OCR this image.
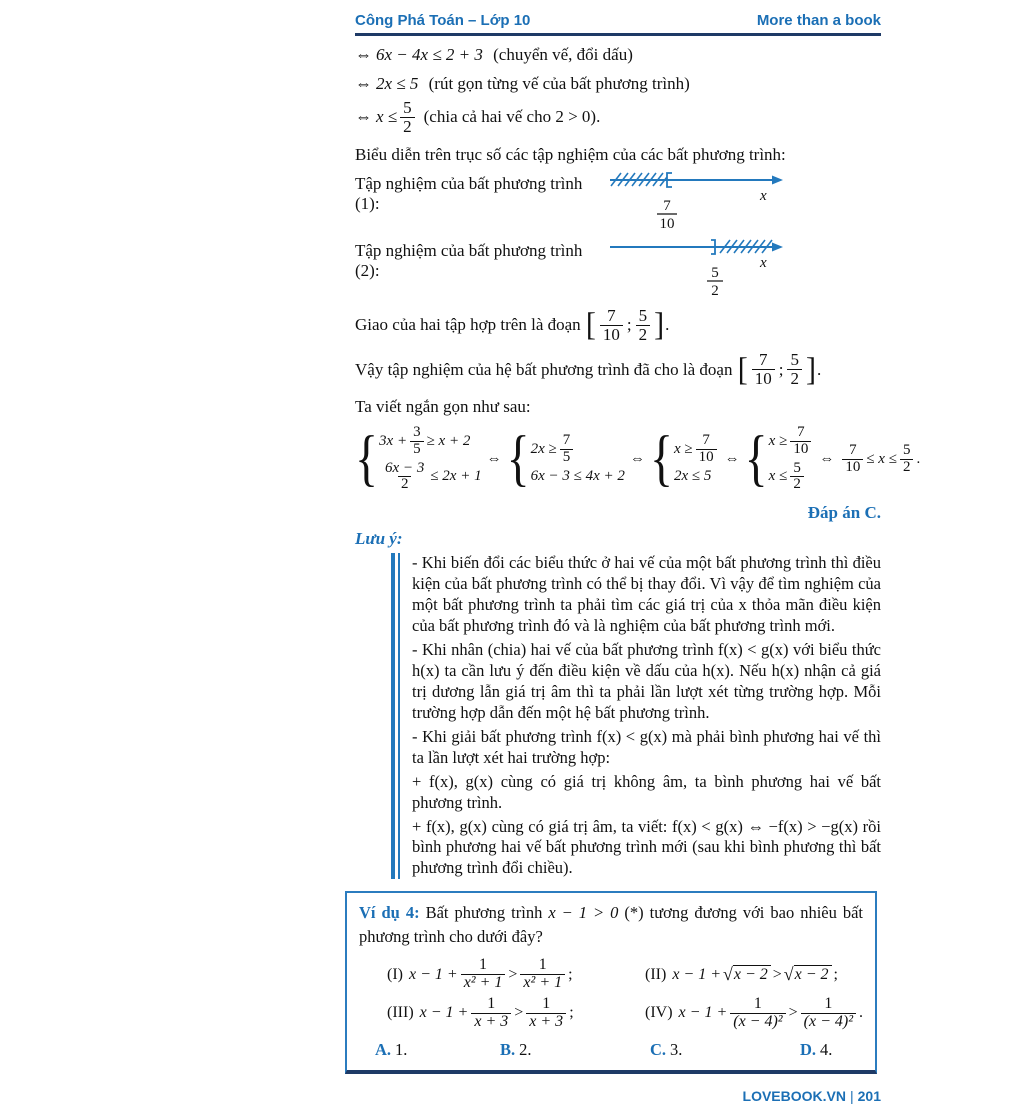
Công Phá Toán – Lớp 10	More than a book
⇔ 6x − 4x ≤ 2 + 3 (chuyển vế, đổi dấu)
⇔ 2x ≤ 5 (rút gọn từng vế của bất phương trình)
⇔ $x \le \frac{5}{2}$ (chia cả hai vế cho 2 > 0).
Biểu diễn trên trục số các tập nghiệm của các bất phương trình:
Tập nghiệm của bất phương trình (1):	x
7
10
Tập nghiệm của bất phương trình (2):	x
5
2
Giao của hai tập hợp trên là đoạn
[ $\frac{7}{10}$ ; $\frac{5}{2}$ ] .
Vậy tập nghiệm của hệ bất phương trình đã cho là đoạn
[ $\frac{7}{10}$ ; $\frac{5}{2}$ ] .
Ta viết ngắn gọn như sau:
{ $3x + \frac{3}{5} \ge x + 2$
$\frac{6x - 3}{2} \le 2x + 1$
⇔ { $2x \ge \frac{7}{5}$
6x − 3 ≤ 4x + 2
⇔ { $x \ge \frac{7}{10}$
2x ≤ 5
⇔ { $x \ge \frac{7}{10}$
$x \le \frac{5}{2}$
⇔ $\frac{7}{10} \le x \le \frac{5}{2}$ .
Đáp án C.
Lưu ý:

- Khi biến đổi các biểu thức ở hai vế của một bất phương trình thì điều kiện của bất phương trình có thể bị thay đổi. Vì vậy để tìm nghiệm của một bất phương trình ta phải tìm các giá trị của x thỏa mãn điều kiện của bất phương trình đó và là nghiệm của bất phương trình mới.

- Khi nhân (chia) hai vế của bất phương trình f(x) < g(x) với biểu thức h(x) ta cần lưu ý đến điều kiện về dấu của h(x). Nếu h(x) nhận cả giá trị dương lẫn giá trị âm thì ta phải lần lượt xét từng trường hợp. Mỗi trường hợp dẫn đến một hệ bất phương trình.

- Khi giải bất phương trình f(x) < g(x) mà phải bình phương hai vế thì ta lần lượt xét hai trường hợp:

+ f(x), g(x) cùng có giá trị không âm, ta bình phương hai vế bất phương trình.

+ f(x), g(x) cùng có giá trị âm, ta viết: f(x) < g(x) ⇔ −f(x) > −g(x) rồi bình phương hai vế bất phương trình mới (sau khi bình phương thì bất phương trình đổi chiều).

Ví dụ 4: Bất phương trình x − 1 > 0 (*) tương đương với bao nhiêu bất phương trình cho dưới đây?

(I) $x - 1 + \frac{1}{\text{x² + 1}} > \frac{1}{\text{x² + 1}}$ ;	(II) x − 1 + √ x − 2 > √ x − 2 ;
(III) $x - 1 + \frac{1}{x + 3} > \frac{1}{x + 3}$ ;	(IV) $x - 1 + \frac{1}{\text{(x − 4)²}} > \frac{1}{\text{(x − 4)²}}$ .
A. 1.	B. 2.	C. 3.	D. 4.
LOVEBOOK.VN | 201
